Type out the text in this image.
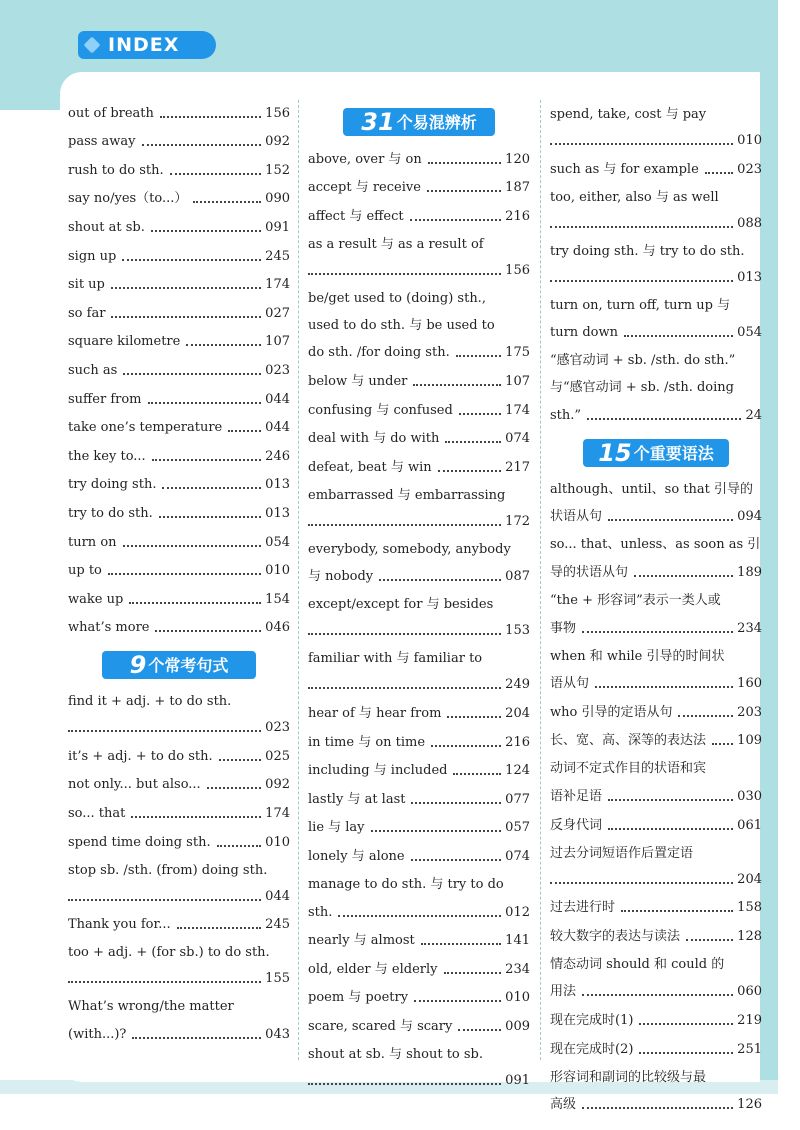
INDEX
out of breath	156
pass away	092
rush to do sth.	152
say no/yes（to...）	090
shout at sb.	091
sign up	245
sit up	174
so far	027
square kilometre	107
such as	023
suffer from	044
take one’s temperature	044
the key to...	246
try doing sth.	013
try to do sth.	013
turn on	054
up to	010
wake up	154
what’s more	046
9 个常考句式
find it + adj. + to do sth.
023
it’s + adj. + to do sth.	025
not only... but also...	092
so... that	174
spend time doing sth.	010
stop sb. /sth. (from) doing sth.
044
Thank you for...	245
too + adj. + (for sb.) to do sth.
155
What’s wrong/the matter
(with...)?	043
31 个易混辨析
above, over 与 on	120
accept 与 receive	187
affect 与 effect	216
as a result 与 as a result of
156
be/get used to (doing) sth.,
used to do sth. 与 be used to
do sth. /for doing sth.	175
below 与 under	107
confusing 与 confused	174
deal with 与 do with	074
defeat, beat 与 win	217
embarrassed 与 embarrassing
172
everybody, somebody, anybody
与 nobody	087
except/except for 与 besides
153
familiar with 与 familiar to
249
hear of 与 hear from	204
in time 与 on time	216
including 与 included	124
lastly 与 at last	077
lie 与 lay	057
lonely 与 alone	074
manage to do sth. 与 try to do
sth.	012
nearly 与 almost	141
old, elder 与 elderly	234
poem 与 poetry	010
scare, scared 与 scary	009
shout at sb. 与 shout to sb.
091
spend, take, cost 与 pay
010
such as 与 for example	023
too, either, also 与 as well
088
try doing sth. 与 try to do sth.
013
turn on, turn off, turn up 与
turn down	054
“感官动词 + sb. /sth. do sth.”
与“感官动词 + sb. /sth. doing
sth.”	24
15 个重要语法
although、until、so that 引导的
状语从句	094
so... that、unless、as soon as 引
导的状语从句	189
“the + 形容词”表示一类人或
事物	234
when 和 while 引导的时间状
语从句	160
who 引导的定语从句	203
长、宽、高、深等的表达法 109
动词不定式作目的状语和宾
语补足语	030
反身代词	061
过去分词短语作后置定语
204
过去进行时	158
较大数字的表达与读法	128
情态动词 should 和 could 的
用法	060
现在完成时(1)	219
现在完成时(2)	251
形容词和副词的比较级与最
高级	126
